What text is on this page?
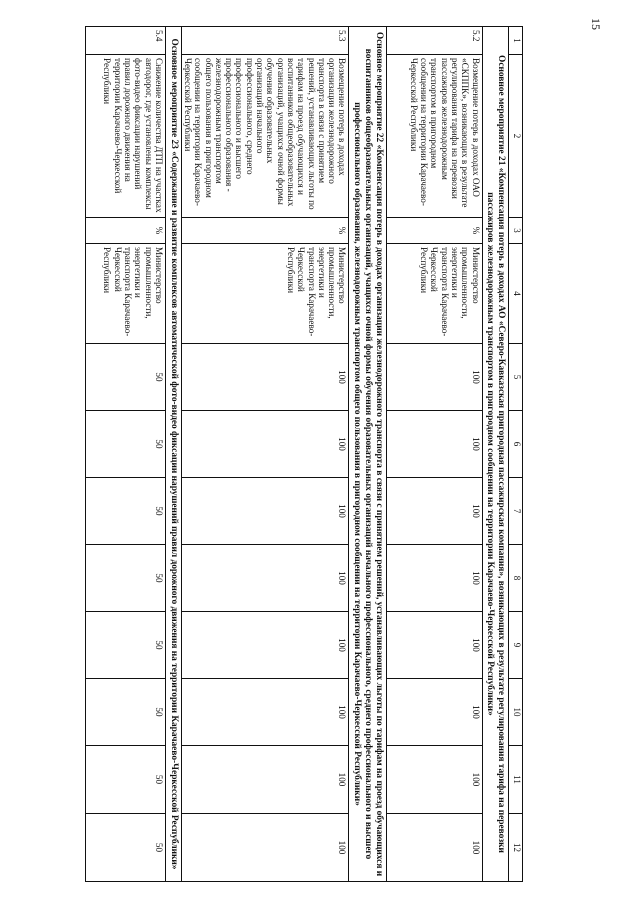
15
1	2	3	4	5	6	7	8	9	10	11	12
Основное мероприятие 21 «Компенсация потерь в доходах АО «Северо-Кавказская пригородная пассажирская компания», возникающих в результате регулирования тарифа на перевозки пассажиров железнодорожным транспортом в пригородном сообщении на территории Карачаево-Черкесской Республики»											
5.2	Возмещение потерь в доходах ОАО «СКППК», возникающих в результате регулирования тарифа на перевозки пассажиров железнодорожным транспортом в пригородном сообщении на территории Карачаево-Черкесской Республики	%	Министерство промышленности, энергетики и транспорта Карачаево-Черкесской Республики	100	100	100	100	100	100	100	100
Основное мероприятие 22 «Компенсация потерь в доходах организации железнодорожного транспорта в связи с принятием решений, устанавливающих льготы по тарифам на проезд обучающихся и воспитанников общеобразовательных организаций, учащихся очной формы обучения образовательных организаций начального профессионального, среднего профессионального и высшего профессионального образования, железнодорожным транспортом общего пользования в пригородном сообщении на территории Карачаево-Черкесской Республики»											
5.3	Возмещение потерь в доходах организации железнодорожного транспорта в связи с принятием решений, устанавливающих льготы по тарифам на проезд обучающихся и воспитанников общеобразовательных организаций, учащихся очной формы обучения образовательных организаций начального профессионального, среднего профессионального и высшего профессионального образования - железнодорожным транспортом общего пользования в пригородном сообщении на территории Карачаево-Черкесской Республики	%	Министерство промышленности, энергетики и транспорта Карачаево-Черкесской Республики	100	100	100	100	100	100	100	100
Основное мероприятие 23 «Содержание и развитие комплексов автоматической фото-видео фиксации нарушений правил дорожного движения на территории Карачаево-Черкесской Республики»											
5.4	Снижение количества ДТП на участках автодорог, где установлены комплексы фото-видео фиксации нарушений правил дорожного движения на территории Карачаево-Черкесской Республики	%	Министерство промышленности, энергетики и транспорта Карачаево-Черкесской Республики	50	50	50	50	50	50	50	50
